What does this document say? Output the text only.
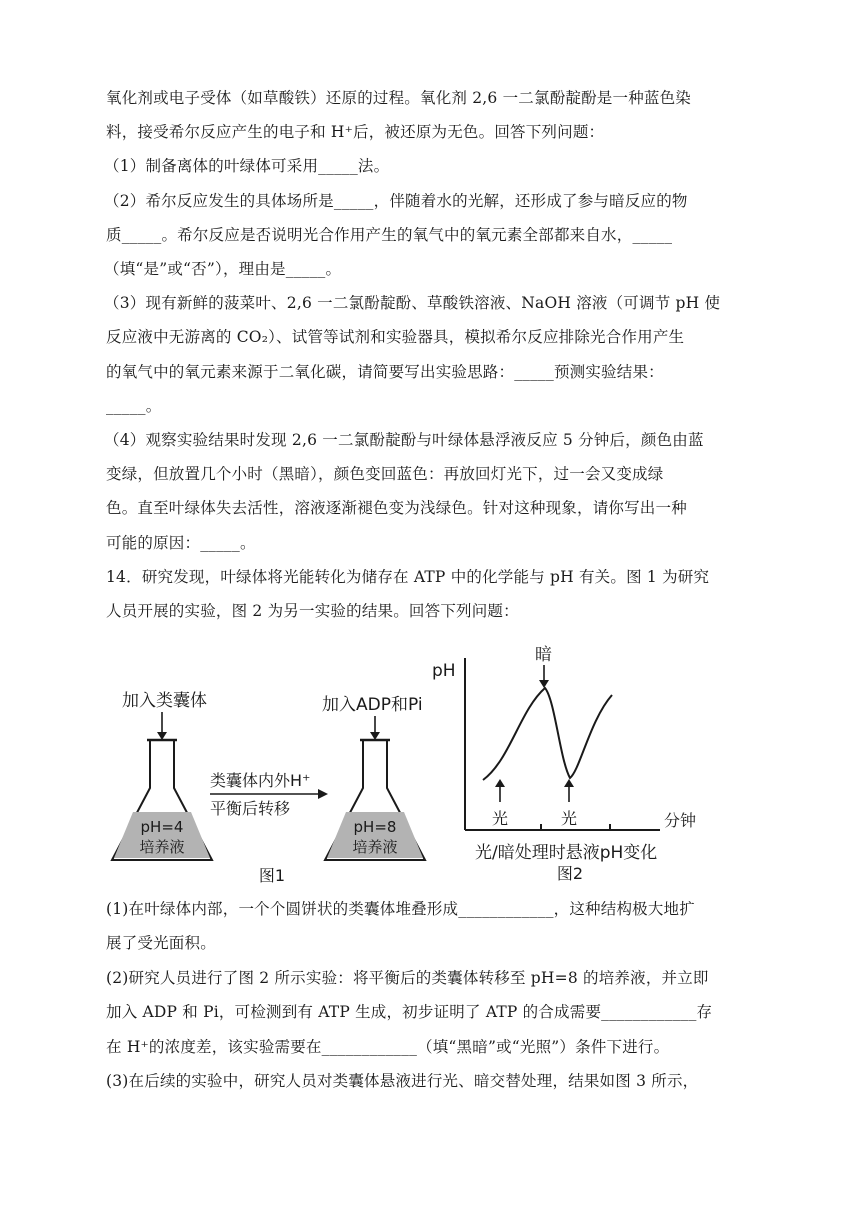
氧化剂或电子受体（如草酸铁）还原的过程。氧化剂 2,6 一二氯酚靛酚是一种蓝色染
料，接受希尔反应产生的电子和 H⁺后，被还原为无色。回答下列问题：
（1）制备离体的叶绿体可采用_____法。
（2）希尔反应发生的具体场所是_____，伴随着水的光解，还形成了参与暗反应的物
质_____。希尔反应是否说明光合作用产生的氧气中的氧元素全部都来自水，_____
（填“是”或“否”），理由是_____。
（3）现有新鲜的菠菜叶、2,6 一二氯酚靛酚、草酸铁溶液、NaOH 溶液（可调节 pH 使
反应液中无游离的 CO₂）、试管等试剂和实验器具，模拟希尔反应排除光合作用产生
的氧气中的氧元素来源于二氧化碳，请简要写出实验思路：_____预测实验结果：
_____。
（4）观察实验结果时发现 2,6 一二氯酚靛酚与叶绿体悬浮液反应 5 分钟后，颜色由蓝
变绿，但放置几个小时（黑暗），颜色变回蓝色：再放回灯光下，过一会又变成绿
色。直至叶绿体失去活性，溶液逐渐褪色变为浅绿色。针对这种现象，请你写出一种
可能的原因：_____。
14．研究发现，叶绿体将光能转化为储存在 ATP 中的化学能与 pH 有关。图 1 为研究
人员开展的实验，图 2 为另一实验的结果。回答下列问题：
加入类囊体
pH=4
培养液
类囊体内外H⁺
平衡后转移
加入ADP和Pi
pH=8
培养液
图1
pH
分钟
暗
光	光
光/暗处理时悬液pH变化
图2
(1)在叶绿体内部，一个个圆饼状的类囊体堆叠形成____________，这种结构极大地扩
展了受光面积。
(2)研究人员进行了图 2 所示实验：将平衡后的类囊体转移至 pH=8 的培养液，并立即
加入 ADP 和 Pi，可检测到有 ATP 生成，初步证明了 ATP 的合成需要____________存
在 H⁺的浓度差，该实验需要在____________（填“黑暗”或“光照”）条件下进行。
(3)在后续的实验中，研究人员对类囊体悬液进行光、暗交替处理，结果如图 3 所示，
